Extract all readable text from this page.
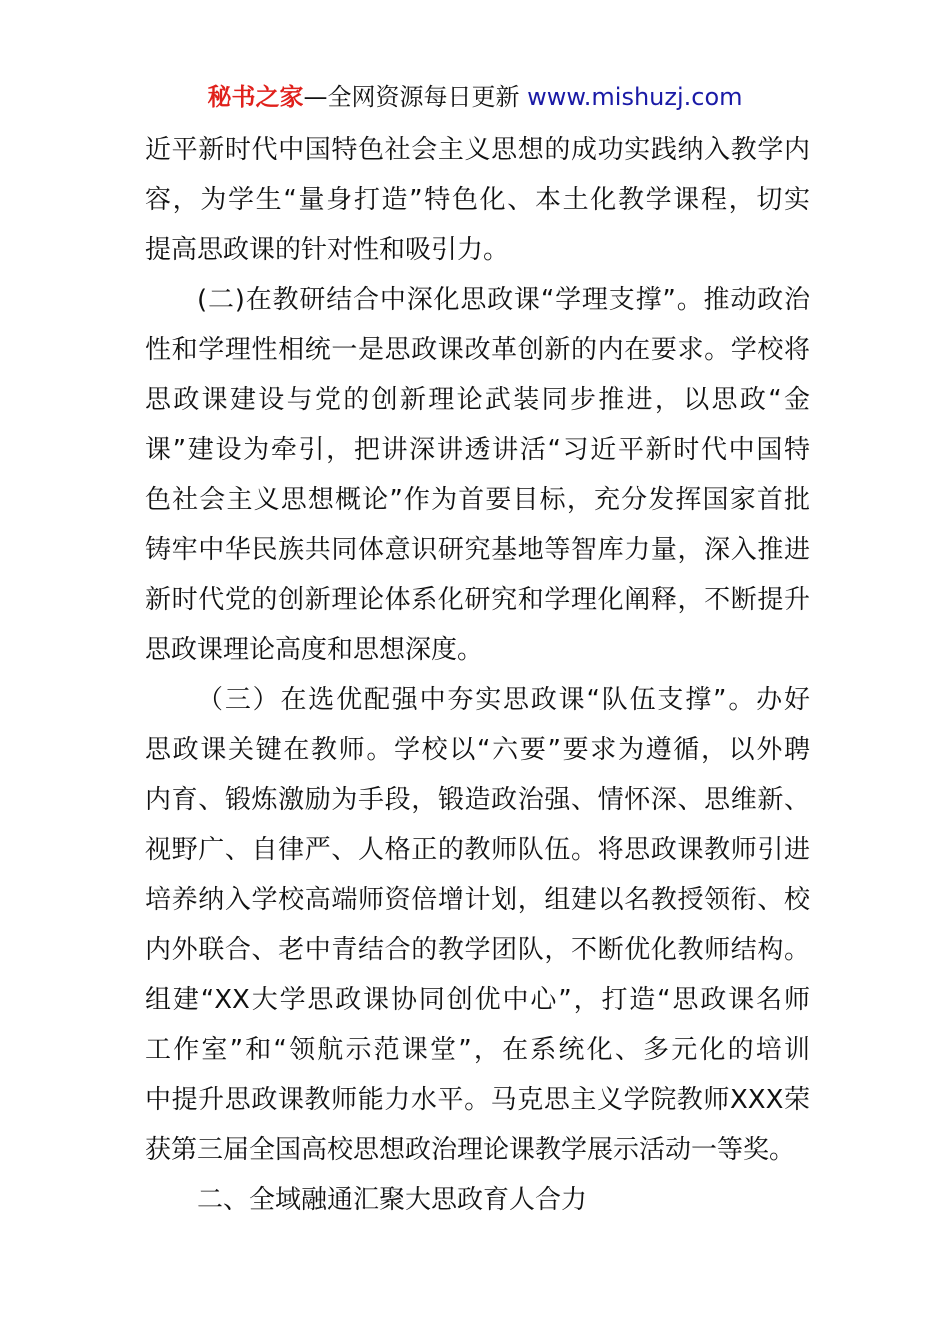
秘书之家—全网资源每日更新 www.mishuzj.com
近平新时代中国特色社会主义思想的成功实践纳入教学内
容，为学生“量身打造”特色化、本土化教学课程，切实
提高思政课的针对性和吸引力。
(二)在教研结合中深化思政课“学理支撑”。推动政治
性和学理性相统一是思政课改革创新的内在要求。学校将
思政课建设与党的创新理论武装同步推进，以思政“金
课”建设为牵引，把讲深讲透讲活“习近平新时代中国特
色社会主义思想概论”作为首要目标，充分发挥国家首批
铸牢中华民族共同体意识研究基地等智库力量，深入推进
新时代党的创新理论体系化研究和学理化阐释，不断提升
思政课理论高度和思想深度。
（三）在选优配强中夯实思政课“队伍支撑”。办好
思政课关键在教师。学校以“六要”要求为遵循，以外聘
内育、锻炼激励为手段，锻造政治强、情怀深、思维新、
视野广、自律严、人格正的教师队伍。将思政课教师引进
培养纳入学校高端师资倍增计划，组建以名教授领衔、校
内外联合、老中青结合的教学团队，不断优化教师结构。
组建“XX大学思政课协同创优中心”，打造“思政课名师
工作室”和“领航示范课堂”，在系统化、多元化的培训
中提升思政课教师能力水平。马克思主义学院教师XXX荣
获第三届全国高校思想政治理论课教学展示活动一等奖。
二、全域融通汇聚大思政育人合力
